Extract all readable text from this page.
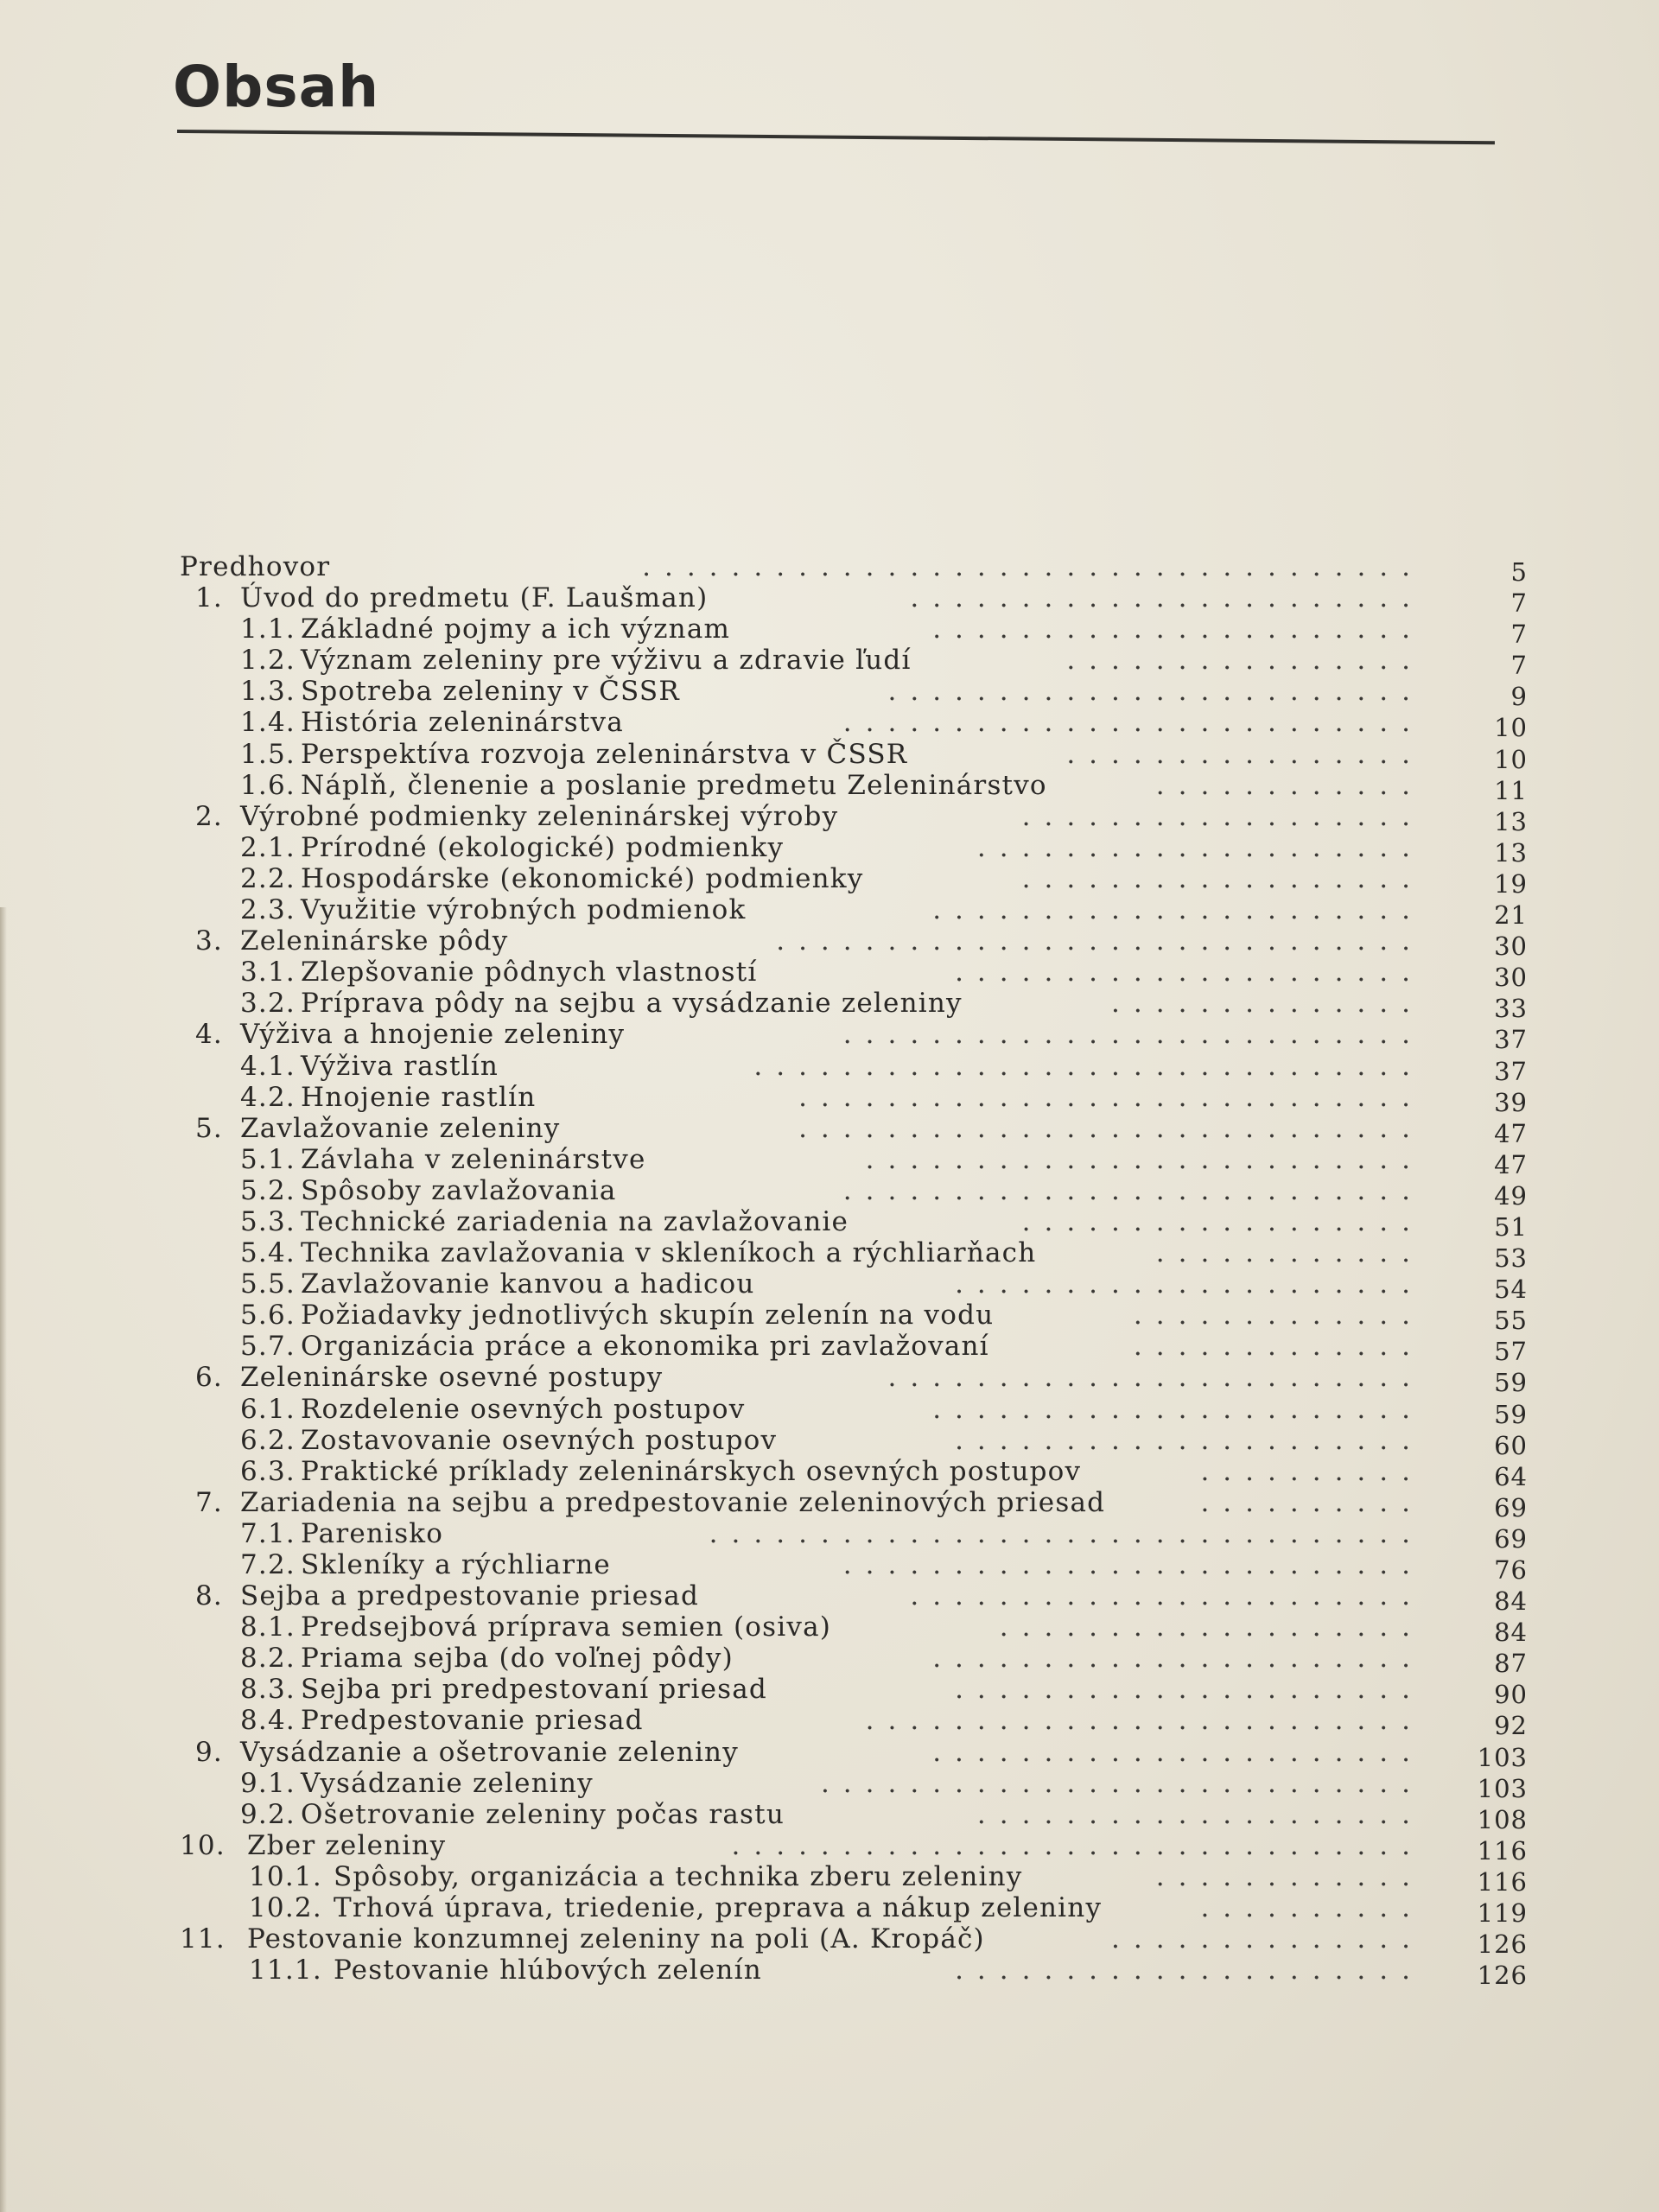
Obsah
Predhovor	...................................	5
1. Úvod do predmetu (F. Laušman)	.......................	7
1.1. Základné pojmy a ich význam	......................	7
1.2. Význam zeleniny pre výživu a zdravie ľudí	................	7
1.3. Spotreba zeleniny v ČSSR	........................	9
1.4. História zeleninárstva	..........................	10
1.5. Perspektíva rozvoja zeleninárstva v ČSSR	................	10
1.6. Náplň, členenie a poslanie predmetu Zeleninárstvo	............	11
2. Výrobné podmienky zeleninárskej výroby	..................	13
2.1. Prírodné (ekologické) podmienky	....................	13
2.2. Hospodárske (ekonomické) podmienky	..................	19
2.3. Využitie výrobných podmienok	......................	21
3. Zeleninárske pôdy	.............................	30
3.1. Zlepšovanie pôdnych vlastností	.....................	30
3.2. Príprava pôdy na sejbu a vysádzanie zeleniny	..............	33
4. Výživa a hnojenie zeleniny	..........................	37
4.1. Výživa rastlín	..............................	37
4.2. Hnojenie rastlín	............................	39
5. Zavlažovanie zeleniny	............................	47
5.1. Závlaha v zeleninárstve	.........................	47
5.2. Spôsoby zavlažovania	..........................	49
5.3. Technické zariadenia na zavlažovanie	..................	51
5.4. Technika zavlažovania v skleníkoch a rýchliarňach	............	53
5.5. Zavlažovanie kanvou a hadicou	.....................	54
5.6. Požiadavky jednotlivých skupín zelenín na vodu	.............	55
5.7. Organizácia práce a ekonomika pri zavlažovaní	.............	57
6. Zeleninárske osevné postupy	........................	59
6.1. Rozdelenie osevných postupov	......................	59
6.2. Zostavovanie osevných postupov	.....................	60
6.3. Praktické príklady zeleninárskych osevných postupov	..........	64
7. Zariadenia na sejbu a predpestovanie zeleninových priesad	..........	69
7.1. Parenisko	................................	69
7.2. Skleníky a rýchliarne	..........................	76
8. Sejba a predpestovanie priesad	.......................	84
8.1. Predsejbová príprava semien (osiva)	...................	84
8.2. Priama sejba (do voľnej pôdy)	......................	87
8.3. Sejba pri predpestovaní priesad	.....................	90
8.4. Predpestovanie priesad	.........................	92
9. Vysádzanie a ošetrovanie zeleniny	......................	103
9.1. Vysádzanie zeleniny	...........................	103
9.2. Ošetrovanie zeleniny počas rastu	....................	108
10. Zber zeleniny	...............................	116
10.1. Spôsoby, organizácia a technika zberu zeleniny	............	116
10.2. Trhová úprava, triedenie, preprava a nákup zeleniny	..........	119
11. Pestovanie konzumnej zeleniny na poli (A. Kropáč)	..............	126
11.1. Pestovanie hlúbových zelenín	.....................	126
